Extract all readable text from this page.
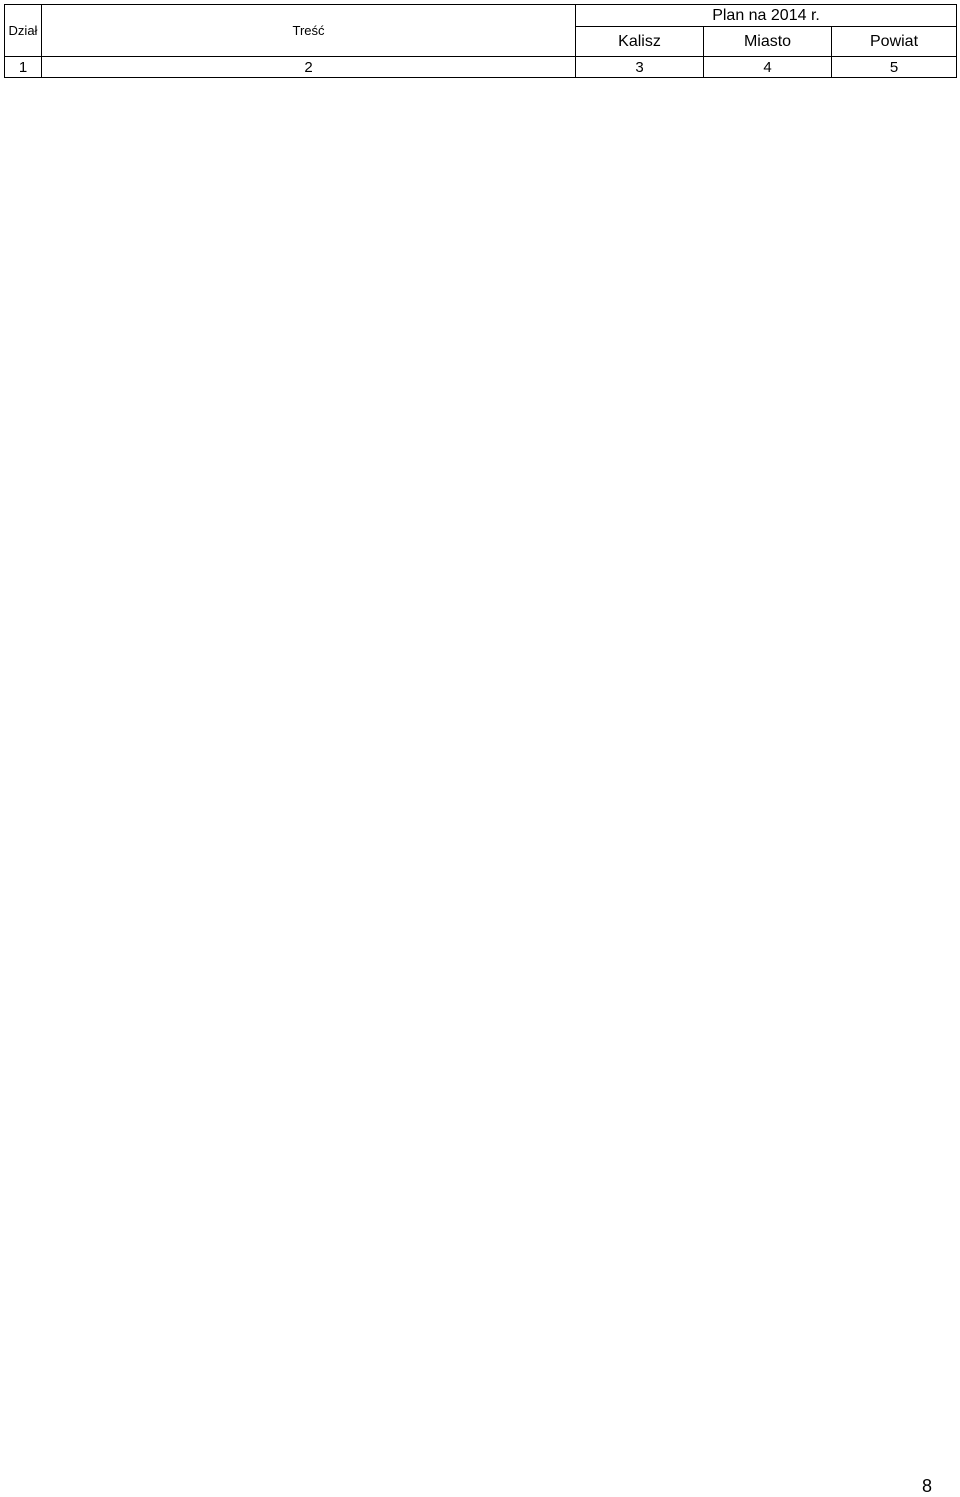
Dział	Treść	Plan na 2014 r.		
		Kalisz	Miasto	Powiat
1	2	3	4	5
8
